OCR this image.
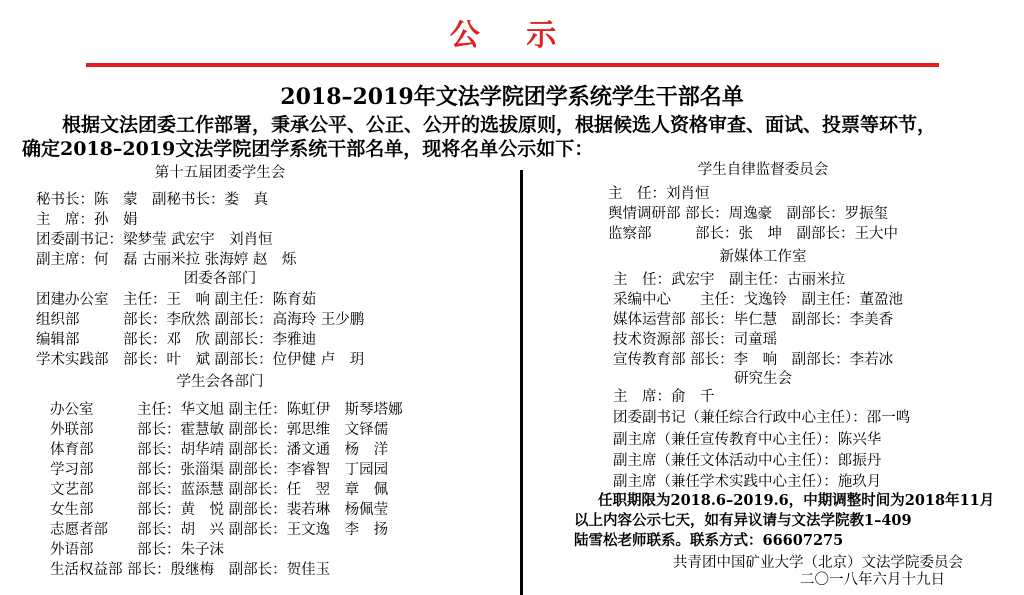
公 示
2018–2019年文法学院团学系统学生干部名单
根据文法团委工作部署，秉承公平、公正、公开的选拔原则，根据候选人资格审查、面试、投票等环节，
确定2018–2019文法学院团学系统干部名单，现将名单公示如下：
第十五届团委学生会
秘书长：陈　蒙　副秘书长：娄　真
主　席：孙　娟
团委副书记：梁梦莹 武宏宇　刘肖恒
副主席：何　磊 古丽米拉 张海婷 赵　烁
团委各部门
团建办公室　主任：王　响 副主任：陈育茹
组织部　　　部长：李欣然 副部长：高海玲 王少鹏
编辑部　　　部长：邓　欣 副部长：李雅迪
学术实践部　部长：叶　斌 副部长：位伊健 卢　玥
学生会各部门
办公室　　　主任：华文旭 副主任：陈虹伊　斯琴塔娜
外联部　　　部长：霍慧敏 副部长：郭思维　文铎儒
体育部　　　部长：胡华靖 副部长：潘文通　杨　洋
学习部　　　部长：张淄渠 副部长：李睿智　丁园园
文艺部　　　部长：蓝添慧 副部长：任　翌　章　佩
女生部　　　部长：黄　悦 副部长：裴若琳　杨佩莹
志愿者部　　部长：胡　兴 副部长：王文逸　李　扬
外语部　　　部长：朱子沫
生活权益部 部长：殷继梅　副部长：贺佳玉
学生自律监督委员会
主　任：刘肖恒
舆情调研部 部长：周逸豪　副部长：罗振玺
监察部　　　部长：张　坤　副部长：王大中
新媒体工作室
主　任：武宏宇　副主任：古丽米拉
采编中心　　主任：戈逸铃　副主任：董盈池
媒体运营部 部长：毕仁慧　副部长：李美香
技术资源部 部长：司童瑶
宣传教育部 部长：李　响　副部长：李若冰
研究生会
主　席：俞　千
团委副书记（兼任综合行政中心主任）：邵一鸣
副主席（兼任宣传教育中心主任）：陈兴华
副主席（兼任文体活动中心主任）：郎振丹
副主席（兼任学术实践中心主任）：施玖月
任职期限为2018.6–2019.6，中期调整时间为2018年11月
以上内容公示七天，如有异议请与文法学院教1–409
陆雪松老师联系。联系方式：66607275
共青团中国矿业大学（北京）文法学院委员会
二〇一八年六月十九日
